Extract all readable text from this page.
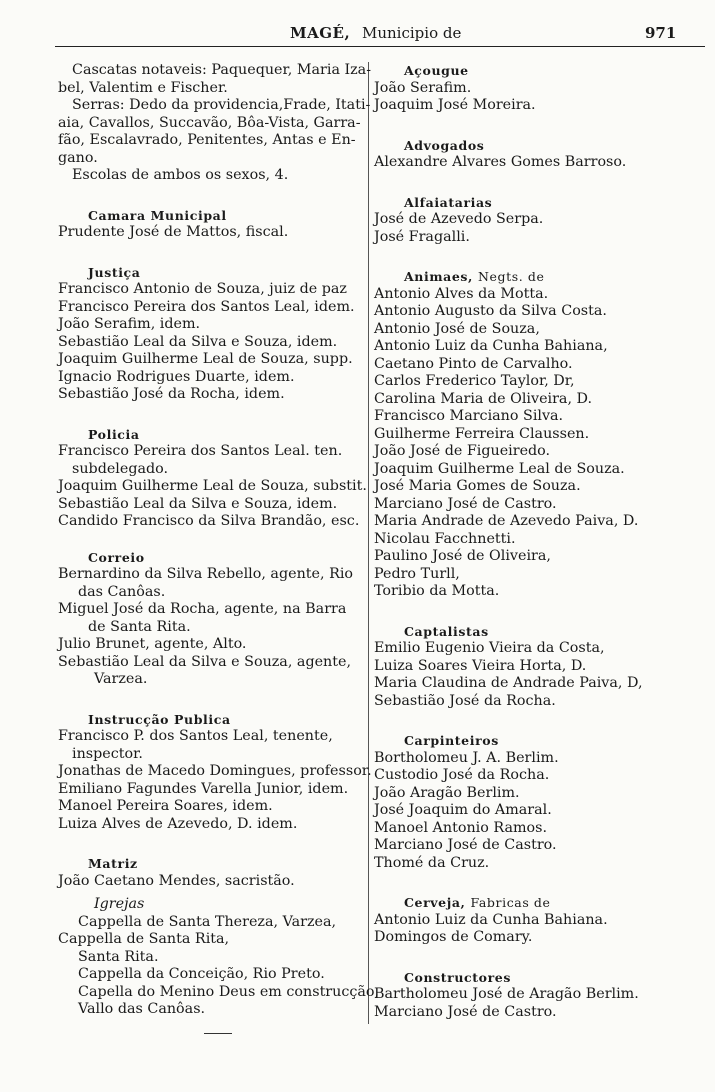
MAGÉ, Municipio de	971
Cascatas notaveis: Paquequer, Maria Iza-
bel, Valentim e Fischer.
Serras: Dedo da providencia,Frade, Itati-
aia, Cavallos, Succavão, Bôa-Vista, Garra-
fão, Escalavrado, Penitentes, Antas e En-
gano.
Escolas de ambos os sexos, 4.
Camara Municipal
Prudente José de Mattos, fiscal.
Justiça
Francisco Antonio de Souza, juiz de paz
Francisco Pereira dos Santos Leal, idem.
João Serafim, idem.
Sebastião Leal da Silva e Souza, idem.
Joaquim Guilherme Leal de Souza, supp.
Ignacio Rodrigues Duarte, idem.
Sebastião José da Rocha, idem.
Policia
Francisco Pereira dos Santos Leal. ten.
subdelegado.
Joaquim Guilherme Leal de Souza, substit.
Sebastião Leal da Silva e Souza, idem.
Candido Francisco da Silva Brandão, esc.
Correio
Bernardino da Silva Rebello, agente, Rio
das Canôas.
Miguel José da Rocha, agente, na Barra
de Santa Rita.
Julio Brunet, agente, Alto.
Sebastião Leal da Silva e Souza, agente,
Varzea.
Instrucção Publica
Francisco P. dos Santos Leal, tenente,
inspector.
Jonathas de Macedo Domingues, professor.
Emiliano Fagundes Varella Junior, idem.
Manoel Pereira Soares, idem.
Luiza Alves de Azevedo, D. idem.
Matriz
João Caetano Mendes, sacristão.
Igrejas
Cappella de Santa Thereza, Varzea,
Cappella de Santa Rita,
Santa Rita.
Cappella da Conceição, Rio Preto.
Capella do Menino Deus em construcção,
Vallo das Canôas.
Açougue
João Serafim.
Joaquim José Moreira.
Advogados
Alexandre Alvares Gomes Barroso.
Alfaiatarias
José de Azevedo Serpa.
José Fragalli.
Animaes, Negts. de
Antonio Alves da Motta.
Antonio Augusto da Silva Costa.
Antonio José de Souza,
Antonio Luiz da Cunha Bahiana,
Caetano Pinto de Carvalho.
Carlos Frederico Taylor, Dr,
Carolina Maria de Oliveira, D.
Francisco Marciano Silva.
Guilherme Ferreira Claussen.
João José de Figueiredo.
Joaquim Guilherme Leal de Souza.
José Maria Gomes de Souza.
Marciano José de Castro.
Maria Andrade de Azevedo Paiva, D.
Nicolau Facchnetti.
Paulino José de Oliveira,
Pedro Turll,
Toribio da Motta.
Captalistas
Emilio Eugenio Vieira da Costa,
Luiza Soares Vieira Horta, D.
Maria Claudina de Andrade Paiva, D,
Sebastião José da Rocha.
Carpinteiros
Bortholomeu J. A. Berlim.
Custodio José da Rocha.
João Aragão Berlim.
José Joaquim do Amaral.
Manoel Antonio Ramos.
Marciano José de Castro.
Thomé da Cruz.
Cerveja, Fabricas de
Antonio Luiz da Cunha Bahiana.
Domingos de Comary.
Constructores
Bartholomeu José de Aragão Berlim.
Marciano José de Castro.
